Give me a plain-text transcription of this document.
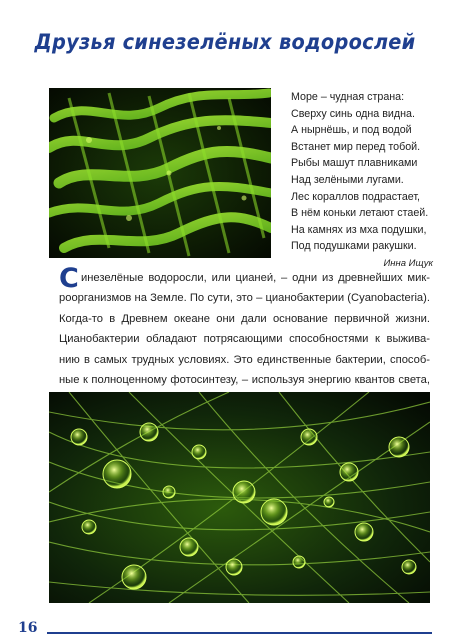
Друзья синезелёных водорослей
Море – чудная страна:
Сверху синь одна видна.
А нырнёшь, и под водой
Встанет мир перед тобой.
Рыбы машут плавниками
Над зелёными лугами.
Лес кораллов подрастает,
В нём коньки летают стаей.
На камнях из мха подушки,
Под подушками ракушки.
Инна Ищук
С инезелёные водоросли, или цианеи́, – одни из древнейших мик-
роорганизмов на Земле. По сути, это – цианобактерии (Cyanobacteria).
Когда-то в Древнем океане они дали основание первичной жизни.
Цианобактерии обладают потрясающими способностями к выжива-
нию в самых трудных условиях. Это единственные бактерии, способ-
ные к полноценному фотосинтезу, – используя энергию квантов света,
16
